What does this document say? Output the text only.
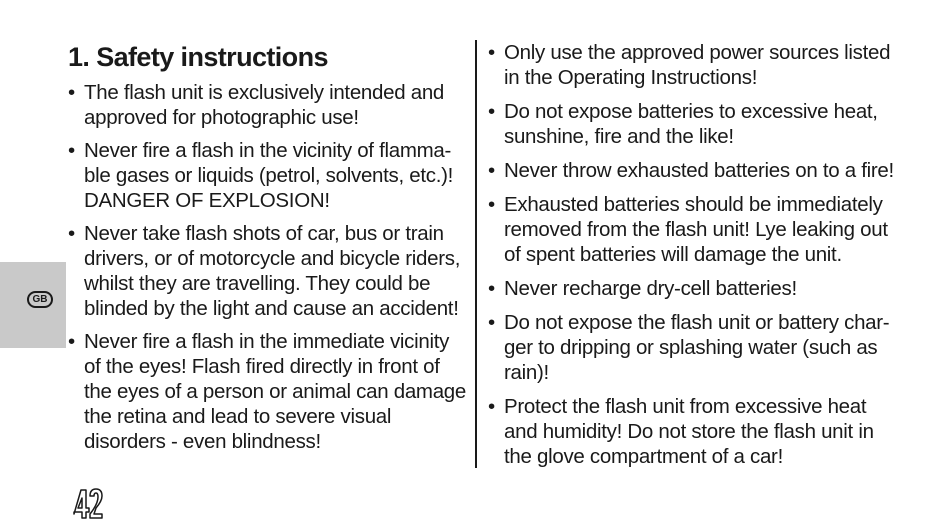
GB
1. Safety instructions
• The flash unit is exclusively intended and approved for photographic use!
• Never fire a flash in the vicinity of flamma-ble gases or liquids (petrol, solvents, etc.)! DANGER OF EXPLOSION!
• Never take flash shots of car, bus or train drivers, or of motorcycle and bicycle riders, whilst they are travelling. They could be blinded by the light and cause an accident!
• Never fire a flash in the immediate vicinity of the eyes! Flash fired directly in front of the eyes of a person or animal can damage the retina and lead to severe visual disorders - even blindness!
• Only use the approved power sources listed in the Operating Instructions!
• Do not expose batteries to excessive heat, sunshine, fire and the like!
• Never throw exhausted batteries on to a fire!
• Exhausted batteries should be immediately removed from the flash unit! Lye leaking out of spent batteries will damage the unit.
• Never recharge dry-cell batteries!
• Do not expose the flash unit or battery char-ger to dripping or splashing water (such as rain)!
• Protect the flash unit from excessive heat and humidity! Do not store the flash unit in the glove compartment of a car!
